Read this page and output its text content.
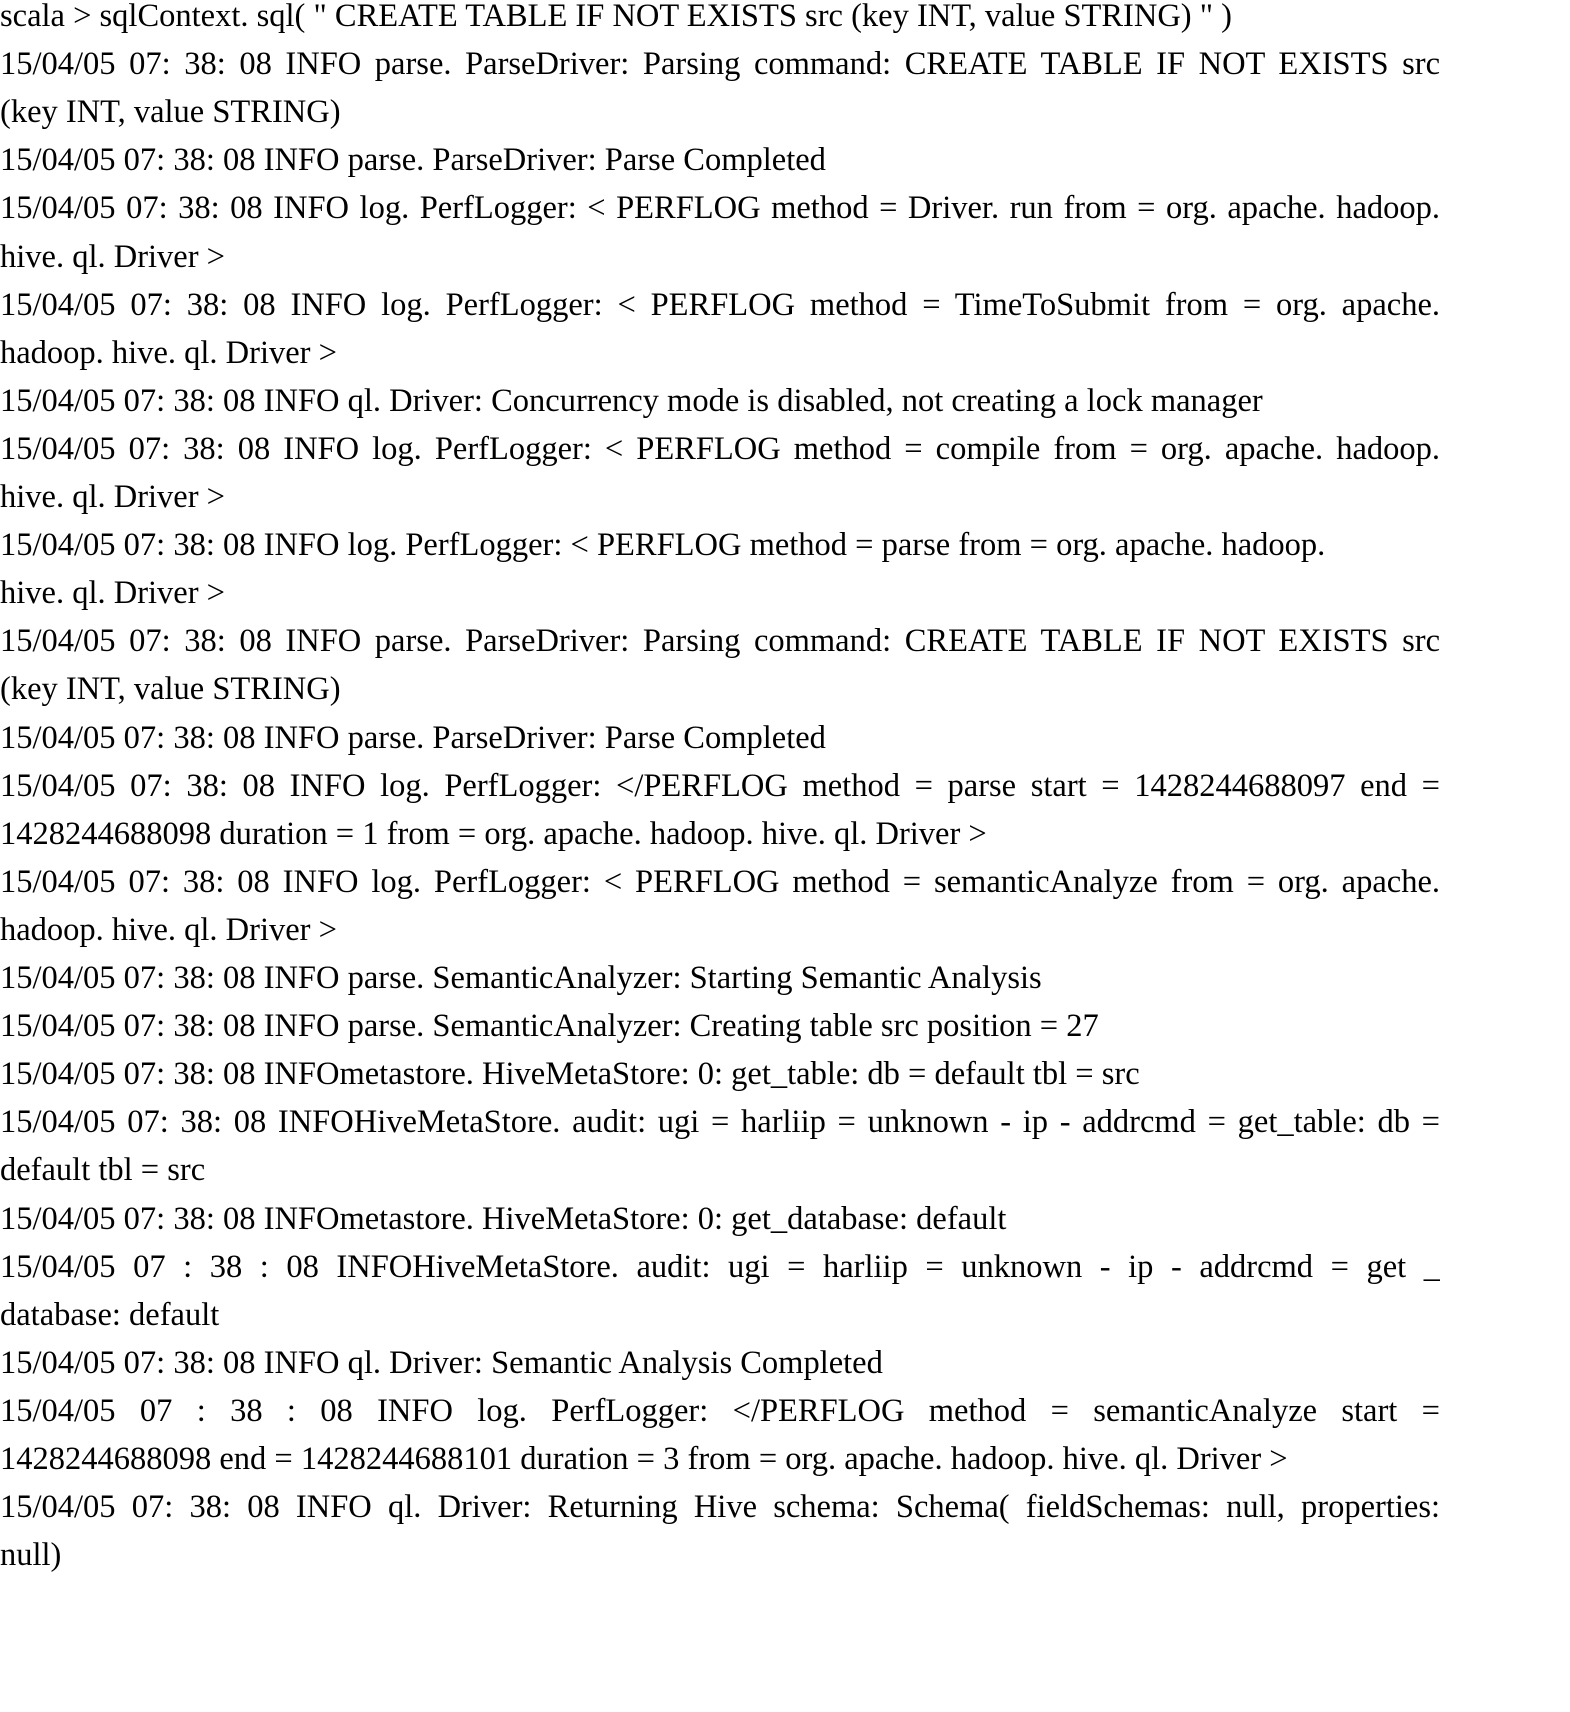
scala > sqlContext. sql( " CREATE TABLE IF NOT EXISTS src (key INT, value STRING) " )
15/04/05 07: 38: 08 INFO parse. ParseDriver: Parsing command: CREATE TABLE IF NOT EXISTS src
(key INT, value STRING)
15/04/05 07: 38: 08 INFO parse. ParseDriver: Parse Completed
15/04/05 07: 38: 08 INFO log. PerfLogger: < PERFLOG method = Driver. run from = org. apache. hadoop.
hive. ql. Driver >
15/04/05 07: 38: 08 INFO log. PerfLogger: < PERFLOG method = TimeToSubmit from = org. apache.
hadoop. hive. ql. Driver >
15/04/05 07: 38: 08 INFO ql. Driver: Concurrency mode is disabled, not creating a lock manager
15/04/05 07: 38: 08 INFO log. PerfLogger: < PERFLOG method = compile from = org. apache. hadoop.
hive. ql. Driver >
15/04/05 07: 38: 08 INFO log. PerfLogger: < PERFLOG method = parse from = org. apache. hadoop.
hive. ql. Driver >
15/04/05 07: 38: 08 INFO parse. ParseDriver: Parsing command: CREATE TABLE IF NOT EXISTS src
(key INT, value STRING)
15/04/05 07: 38: 08 INFO parse. ParseDriver: Parse Completed
15/04/05 07: 38: 08 INFO log. PerfLogger: </PERFLOG method = parse start = 1428244688097 end =
1428244688098 duration = 1 from = org. apache. hadoop. hive. ql. Driver >
15/04/05 07: 38: 08 INFO log. PerfLogger: < PERFLOG method = semanticAnalyze from = org. apache.
hadoop. hive. ql. Driver >
15/04/05 07: 38: 08 INFO parse. SemanticAnalyzer: Starting Semantic Analysis
15/04/05 07: 38: 08 INFO parse. SemanticAnalyzer: Creating table src position = 27
15/04/05 07: 38: 08 INFOmetastore. HiveMetaStore: 0: get_table: db = default tbl = src
15/04/05 07: 38: 08 INFOHiveMetaStore. audit: ugi = harliip = unknown - ip - addrcmd = get_table: db =
default tbl = src
15/04/05 07: 38: 08 INFOmetastore. HiveMetaStore: 0: get_database: default
15/04/05 07 : 38 : 08 INFOHiveMetaStore. audit: ugi = harliip = unknown - ip - addrcmd = get _
database: default
15/04/05 07: 38: 08 INFO ql. Driver: Semantic Analysis Completed
15/04/05 07 : 38 : 08 INFO log. PerfLogger: </PERFLOG method = semanticAnalyze start =
1428244688098 end = 1428244688101 duration = 3 from = org. apache. hadoop. hive. ql. Driver >
15/04/05 07: 38: 08 INFO ql. Driver: Returning Hive schema: Schema( fieldSchemas: null, properties:
null)
